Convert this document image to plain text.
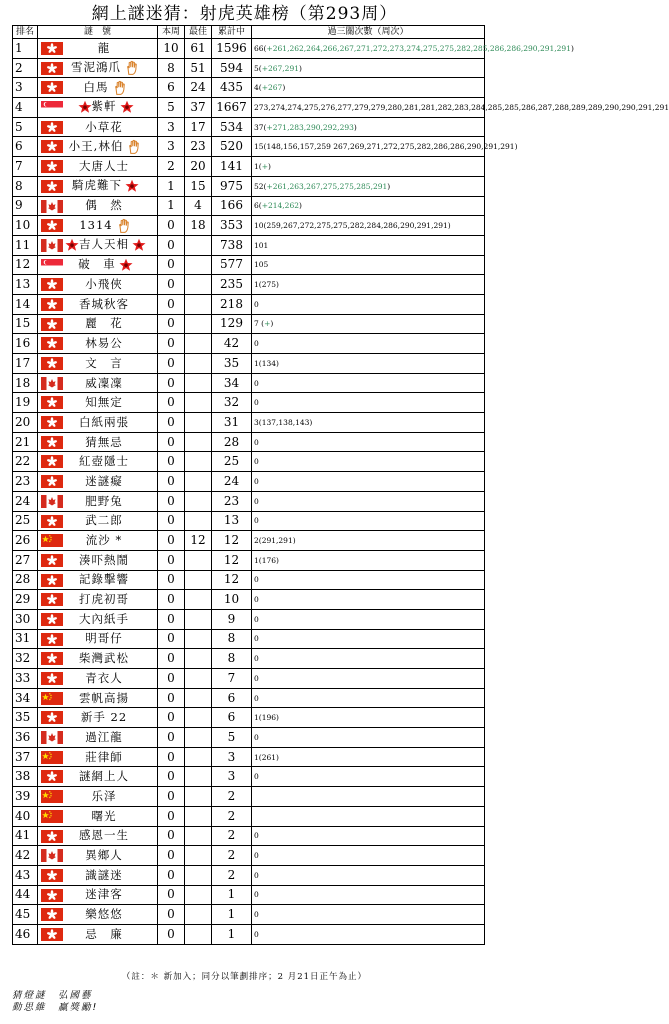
網上謎迷猜：射虎英雄榜（第293周）
排名	謎　號	本周	最佳	累計中	過三關次數（周次）
1	龍	10	61	1596	66(+261,262,264,266,267,271,272,273,274,275,275,282,285,286,286,290,291,291)
2	雪泥鴻爪	8	51	594	5(+267,291)
3	白馬	6	24	435	4(+267)
4	紫軒	5	37	1667	273,274,274,275,276,277,279,279,280,281,281,282,283,284,285,285,286,287,288,289,289,290,290,291,291
5	小草花	3	17	534	37(+271,283,290,292,293)
6	小王,林伯	3	23	520	15(148,156,157,259 267,269,271,272,275,282,286,286,290,291,291)
7	大唐人士	2	20	141	1(+)
8	騎虎難下	1	15	975	52(+261,263,267,275,275,285,291)
9	偶　然	1	4	166	6(+214,262)
10	1314	0	18	353	10(259,267,272,275,275,282,284,286,290,291,291)
11	吉人天相	0		738	101
12	破　車	0		577	105
13	小飛俠	0		235	1(275)
14	香城秋客	0		218	0
15	麗　花	0		129	7 (+)
16	林易公	0		42	0
17	文　言	0		35	1(134)
18	威凜凜	0		34	0
19	知無定	0		32	0
20	白紙兩張	0		31	3(137,138,143)
21	猜無忌	0		28	0
22	紅壺隱士	0		25	0
23	迷謎癡	0		24	0
24	肥野兔	0		23	0
25	武二郎	0		13	0
26	流沙 *	0	12	12	2(291,291)
27	湊吓熱鬧	0		12	1(176)
28	記錄擊響	0		12	0
29	打虎初哥	0		10	0
30	大內紙手	0		9	0
31	明哥仔	0		8	0
32	柴灣武松	0		8	0
33	青衣人	0		7	0
34	雲帆高揚	0		6	0
35	新手 22	0		6	1(196)
36	過江龍	0		5	0
37	莊律師	0		3	1(261)
38	謎網上人	0		3	0
39	乐泽	0		2	
40	曙光	0		2	
41	感恩一生	0		2	0
42	異鄉人	0		2	0
43	識謎迷	0		2	0
44	迷津客	0		1	0
45	樂悠悠	0		1	0
46	忌　廉	0		1	0
（註：＊ 新加入；同分以筆劃排序；2 月21日正午為止）
猜燈謎　弘國藝
動思維　贏獎勵!
